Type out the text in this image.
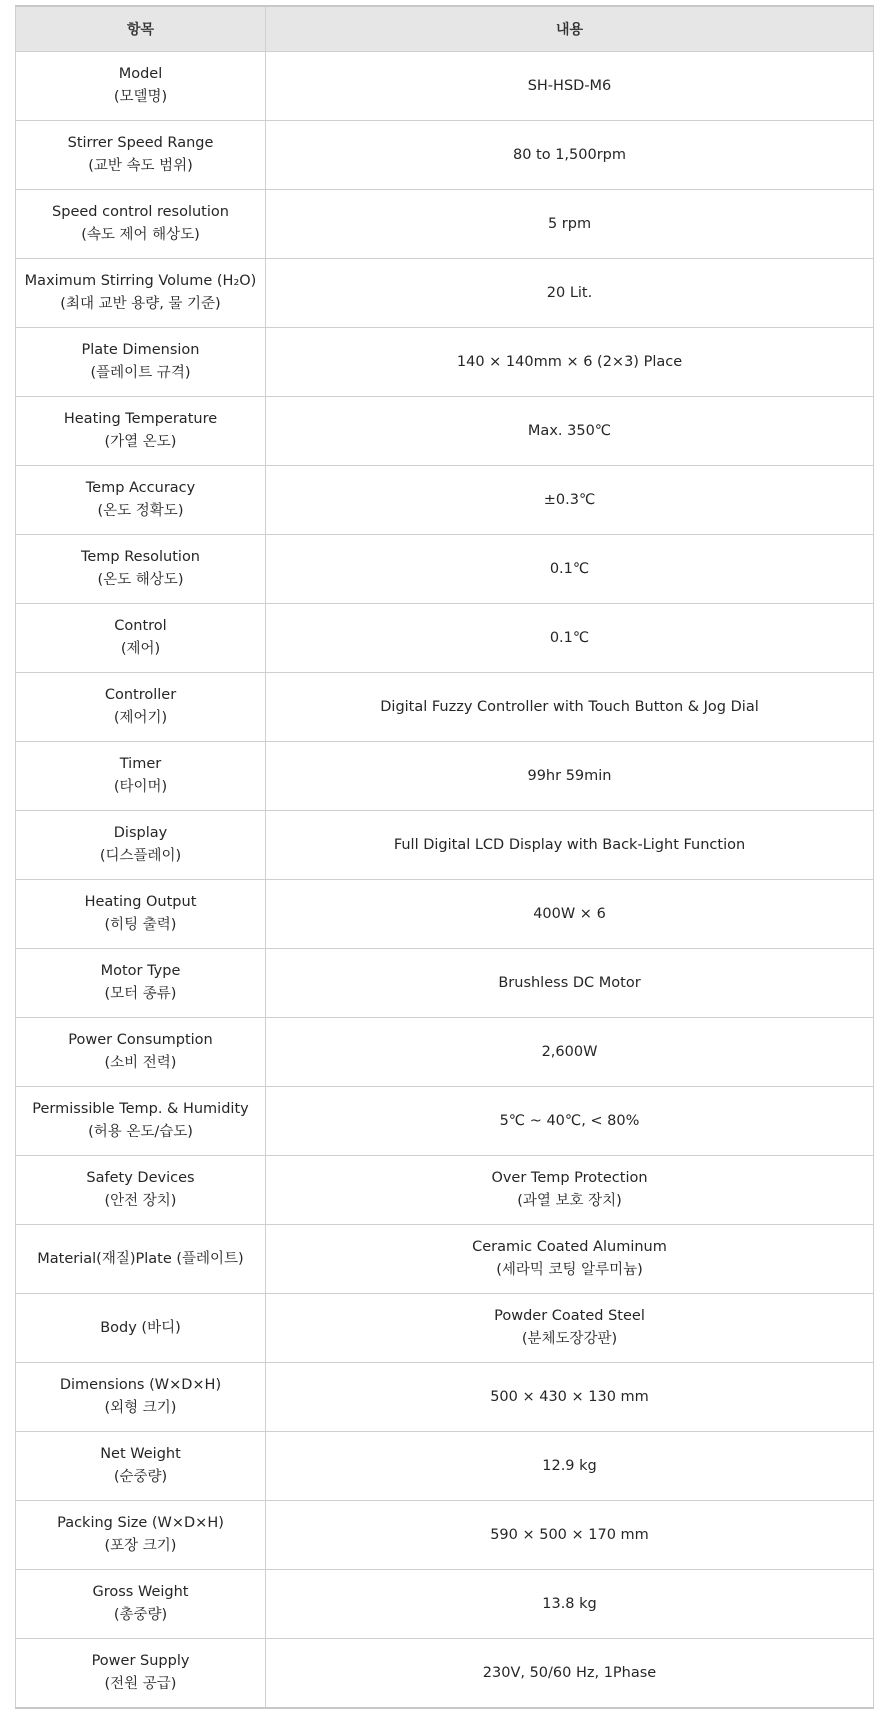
항목	내용

Model
(모델명)	SH-HSD-M6

Stirrer Speed Range
(교반 속도 범위)	80 to 1,500rpm

Speed control resolution
(속도 제어 해상도)	5 rpm

Maximum Stirring Volume (H₂O)
(최대 교반 용량, 물 기준)	20 Lit.

Plate Dimension
(플레이트 규격)	140 × 140mm × 6 (2×3) Place

Heating Temperature
(가열 온도)	Max. 350℃

Temp Accuracy
(온도 정확도)	±0.3℃

Temp Resolution
(온도 해상도)	0.1℃

Control
(제어)	0.1℃

Controller
(제어기)	Digital Fuzzy Controller with Touch Button & Jog Dial

Timer
(타이머)	99hr 59min

Display
(디스플레이)	Full Digital LCD Display with Back-Light Function

Heating Output
(히팅 출력)	400W × 6

Motor Type
(모터 종류)	Brushless DC Motor

Power Consumption
(소비 전력)	2,600W

Permissible Temp. & Humidity
(허용 온도/습도)	5℃ ~ 40℃, < 80%

Safety Devices
(안전 장치)	Over Temp Protection
(과열 보호 장치)

Material(재질)Plate (플레이트)	Ceramic Coated Aluminum
(세라믹 코팅 알루미늄)

Body (바디)	Powder Coated Steel
(분체도장강판)

Dimensions (W×D×H)
(외형 크기)	500 × 430 × 130 mm

Net Weight
(순중량)	12.9 kg

Packing Size (W×D×H)
(포장 크기)	590 × 500 × 170 mm

Gross Weight
(총중량)	13.8 kg

Power Supply
(전원 공급)	230V, 50/60 Hz, 1Phase
